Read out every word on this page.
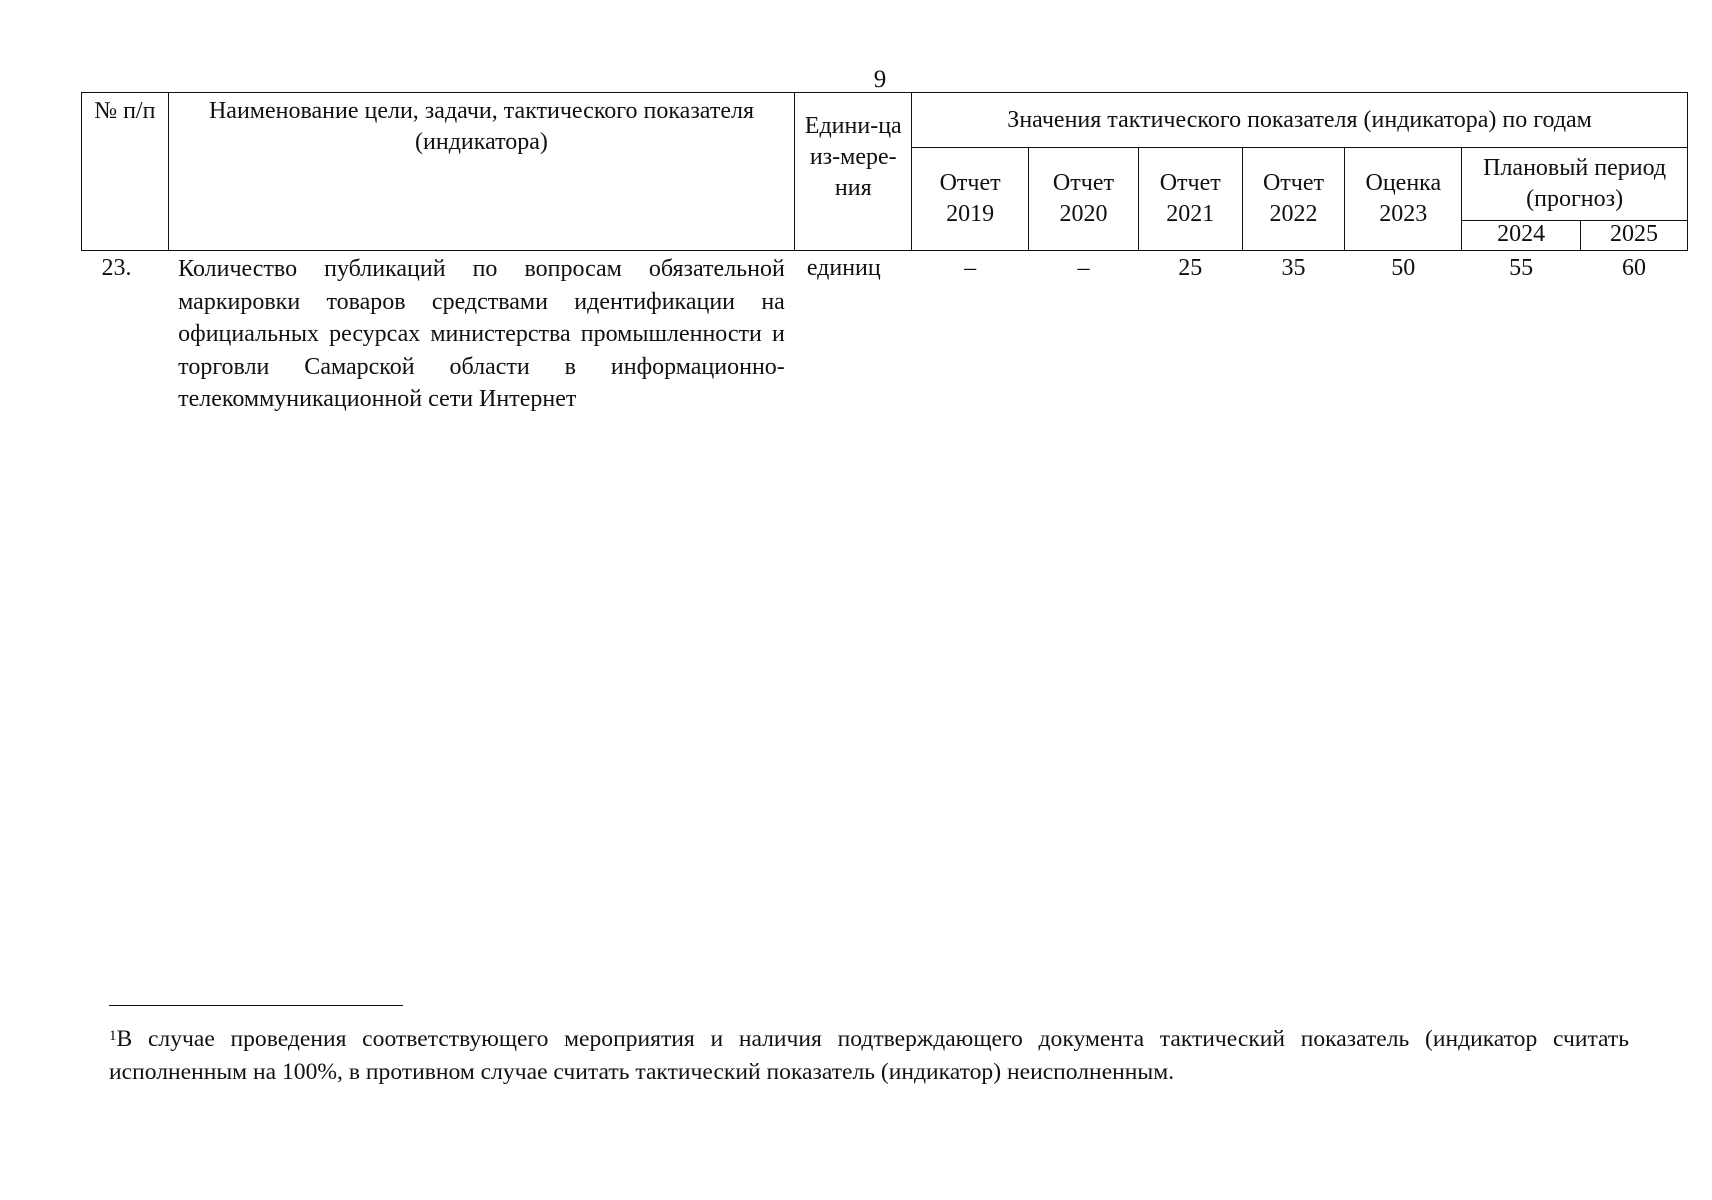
9
№ п/п	Наименование цели, задачи, тактического показателя (индикатора)	Едини-ца из-мере-ния	Значения тактического показателя (индикатора) по годам						
			Отчет 2019	Отчет 2020	Отчет 2021	Отчет 2022	Оценка 2023	Плановый период (прогноз)	
								2024	2025
23.	Количество публикаций по вопросам обязательной маркировки товаров средствами идентификации на официальных ресурсах министерства промышленности и торговли Самарской области в информационно-телекоммуникационной сети Интернет	единиц	–	–	25	35	50	55	60
$^1$В случае проведения соответствующего мероприятия и наличия подтверждающего документа тактический показатель (индикатор считать исполненным на 100%, в противном случае считать тактический показатель (индикатор) неисполненным.
